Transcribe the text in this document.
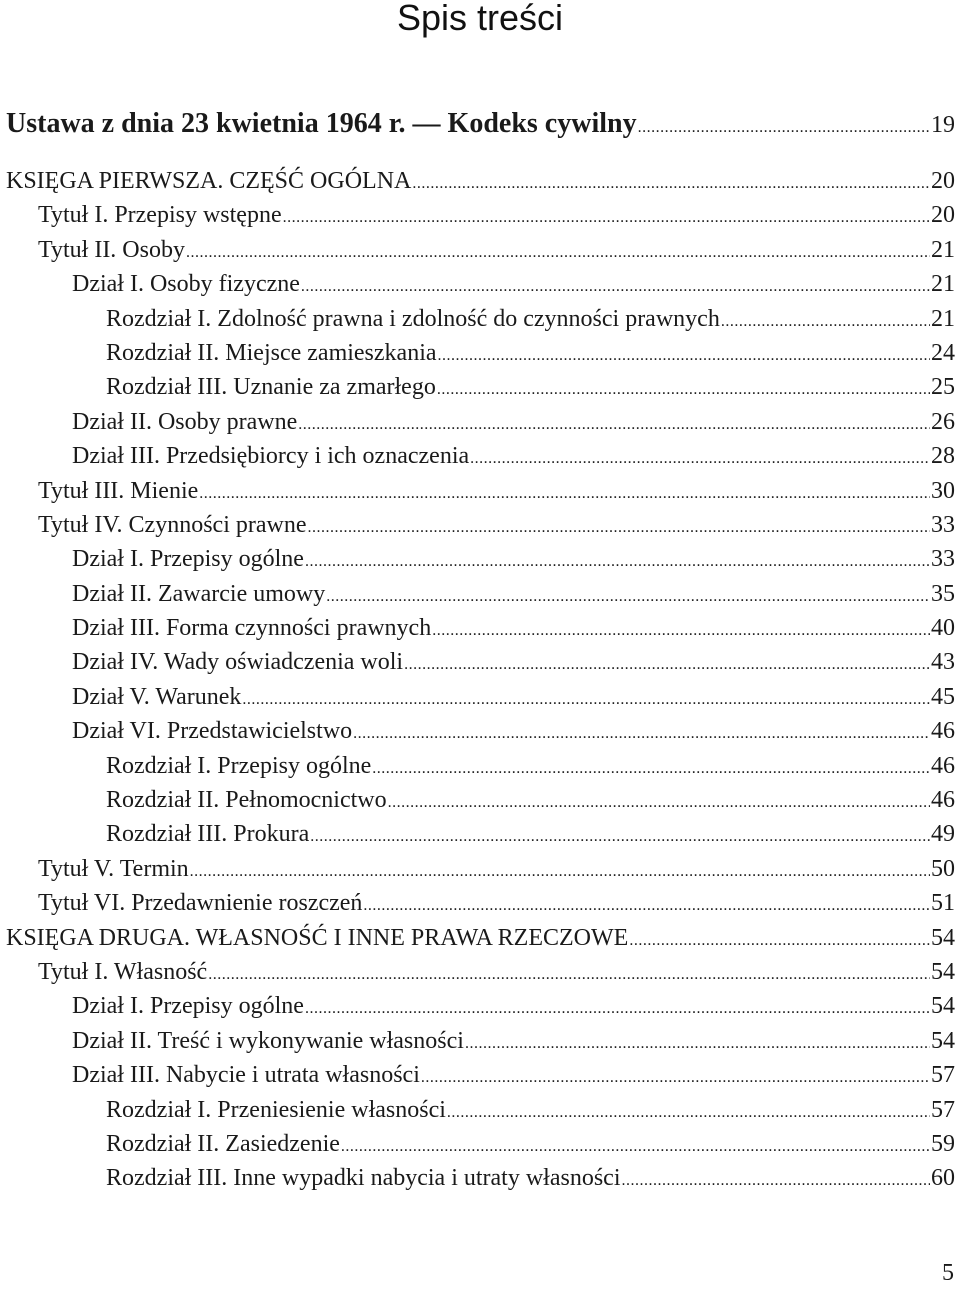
Spis treści
Ustawa z dnia 23 kwietnia 1964 r. — Kodeks cywilny .....	19
KSIĘGA PIERWSZA. CZĘŚĆ OGÓLNA .....	20
Tytuł I. Przepisy wstępne .....	20
Tytuł II. Osoby .....	21
Dział I. Osoby fizyczne .....	21
Rozdział I. Zdolność prawna i zdolność do czynności prawnych .....	21
Rozdział II. Miejsce zamieszkania .....	24
Rozdział III. Uznanie za zmarłego .....	25
Dział II. Osoby prawne .....	26
Dział III. Przedsiębiorcy i ich oznaczenia .....	28
Tytuł III. Mienie .....	30
Tytuł IV. Czynności prawne .....	33
Dział I. Przepisy ogólne .....	33
Dział II. Zawarcie umowy .....	35
Dział III. Forma czynności prawnych .....	40
Dział IV. Wady oświadczenia woli .....	43
Dział V. Warunek .....	45
Dział VI. Przedstawicielstwo .....	46
Rozdział I. Przepisy ogólne .....	46
Rozdział II. Pełnomocnictwo .....	46
Rozdział III. Prokura .....	49
Tytuł V. Termin .....	50
Tytuł VI. Przedawnienie roszczeń .....	51
KSIĘGA DRUGA. WŁASNOŚĆ I INNE PRAWA RZECZOWE .....	54
Tytuł I. Własność .....	54
Dział I. Przepisy ogólne .....	54
Dział II. Treść i wykonywanie własności .....	54
Dział III. Nabycie i utrata własności .....	57
Rozdział I. Przeniesienie własności .....	57
Rozdział II. Zasiedzenie .....	59
Rozdział III. Inne wypadki nabycia i utraty własności .....	60
5
